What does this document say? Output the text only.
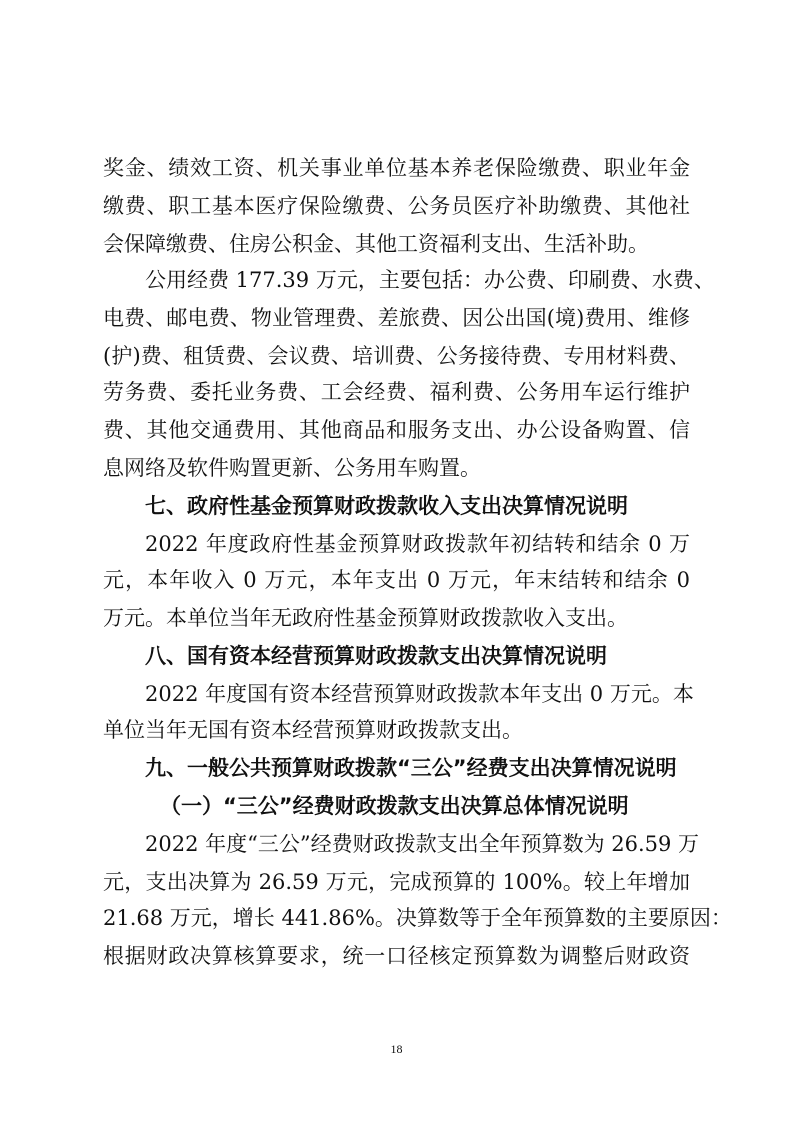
奖金、绩效工资、机关事业单位基本养老保险缴费、职业年金
缴费、职工基本医疗保险缴费、公务员医疗补助缴费、其他社
会保障缴费、住房公积金、其他工资福利支出、生活补助。
公用经费 177.39 万元，主要包括：办公费、印刷费、水费、
电费、邮电费、物业管理费、差旅费、因公出国(境)费用、维修
(护)费、租赁费、会议费、培训费、公务接待费、专用材料费、
劳务费、委托业务费、工会经费、福利费、公务用车运行维护
费、其他交通费用、其他商品和服务支出、办公设备购置、信
息网络及软件购置更新、公务用车购置。
七、政府性基金预算财政拨款收入支出决算情况说明
2022 年度政府性基金预算财政拨款年初结转和结余 0 万
元，本年收入 0 万元，本年支出 0 万元，年末结转和结余 0
万元。本单位当年无政府性基金预算财政拨款收入支出。
八、国有资本经营预算财政拨款支出决算情况说明
2022 年度国有资本经营预算财政拨款本年支出 0 万元。本
单位当年无国有资本经营预算财政拨款支出。
九、一般公共预算财政拨款“三公”经费支出决算情况说明
（一）“三公”经费财政拨款支出决算总体情况说明
2022 年度“三公”经费财政拨款支出全年预算数为 26.59 万
元，支出决算为 26.59 万元，完成预算的 100%。较上年增加
21.68 万元，增长 441.86%。决算数等于全年预算数的主要原因：
根据财政决算核算要求，统一口径核定预算数为调整后财政资
18
